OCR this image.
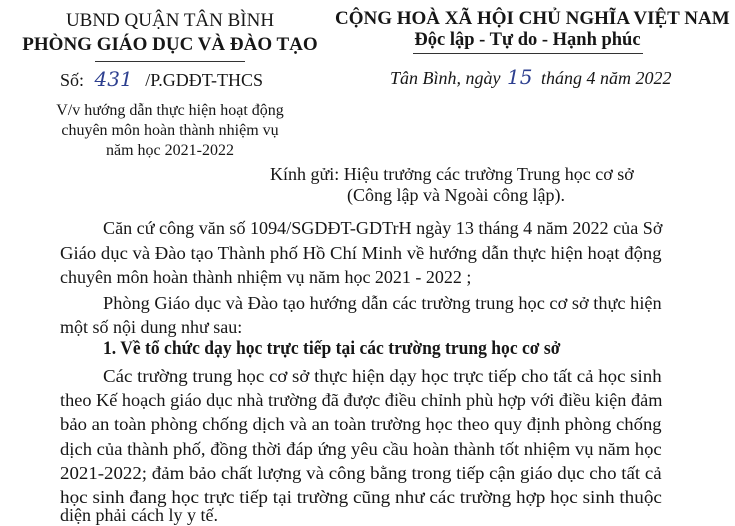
UBND QUẬN TÂN BÌNH
PHÒNG GIÁO DỤC VÀ ĐÀO TẠO
Số: 431 /P.GDĐT-THCS
V/v hướng dẫn thực hiện hoạt động
chuyên môn hoàn thành nhiệm vụ
năm học 2021-2022
CỘNG HOÀ XÃ HỘI CHỦ NGHĨA VIỆT NAM
Độc lập - Tự do - Hạnh phúc
Tân Bình, ngày 15 tháng 4 năm 2022
Kính gửi: Hiệu trưởng các trường Trung học cơ sở
(Công lập và Ngoài công lập).
Căn cứ công văn số 1094/SGDĐT-GDTrH ngày 13 tháng 4 năm 2022 của Sở
Giáo dục và Đào tạo Thành phố Hồ Chí Minh về hướng dẫn thực hiện hoạt động
chuyên môn hoàn thành nhiệm vụ năm học 2021 - 2022 ;
Phòng Giáo dục và Đào tạo hướng dẫn các trường trung học cơ sở thực hiện
một số nội dung như sau:
1. Về tổ chức dạy học trực tiếp tại các trường trung học cơ sở
Các trường trung học cơ sở thực hiện dạy học trực tiếp cho tất cả học sinh
theo Kế hoạch giáo dục nhà trường đã được điều chỉnh phù hợp với điều kiện đảm
bảo an toàn phòng chống dịch và an toàn trường học theo quy định phòng chống
dịch của thành phố, đồng thời đáp ứng yêu cầu hoàn thành tốt nhiệm vụ năm học
2021-2022; đảm bảo chất lượng và công bằng trong tiếp cận giáo dục cho tất cả
học sinh đang học trực tiếp tại trường cũng như các trường hợp học sinh thuộc
diện phải cách ly y tế.
